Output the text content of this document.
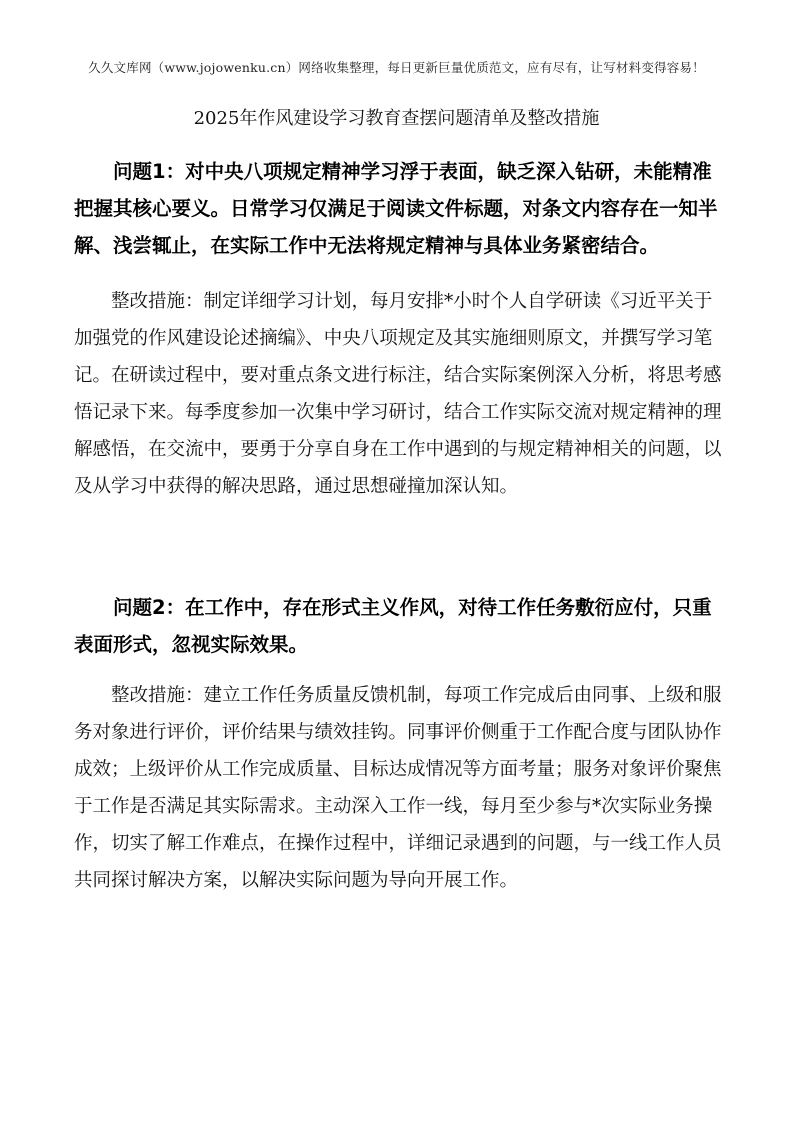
久久文库网（www.jojowenku.cn）网络收集整理，每日更新巨量优质范文，应有尽有，让写材料变得容易！
2025年作风建设学习教育查摆问题清单及整改措施

问题1：对中央八项规定精神学习浮于表面，缺乏深入钻研，未能精准把握其核心要义。日常学习仅满足于阅读文件标题，对条文内容存在一知半解、浅尝辄止，在实际工作中无法将规定精神与具体业务紧密结合。

整改措施：制定详细学习计划，每月安排*小时个人自学研读《习近平关于加强党的作风建设论述摘编》、中央八项规定及其实施细则原文，并撰写学习笔记。在研读过程中，要对重点条文进行标注，结合实际案例深入分析，将思考感悟记录下来。每季度参加一次集中学习研讨，结合工作实际交流对规定精神的理解感悟，在交流中，要勇于分享自身在工作中遇到的与规定精神相关的问题，以及从学习中获得的解决思路，通过思想碰撞加深认知。

问题2：在工作中，存在形式主义作风，对待工作任务敷衍应付，只重表面形式，忽视实际效果。

整改措施：建立工作任务质量反馈机制，每项工作完成后由同事、上级和服务对象进行评价，评价结果与绩效挂钩。同事评价侧重于工作配合度与团队协作成效；上级评价从工作完成质量、目标达成情况等方面考量；服务对象评价聚焦于工作是否满足其实际需求。主动深入工作一线，每月至少参与*次实际业务操作，切实了解工作难点，在操作过程中，详细记录遇到的问题，与一线工作人员共同探讨解决方案，以解决实际问题为导向开展工作。
